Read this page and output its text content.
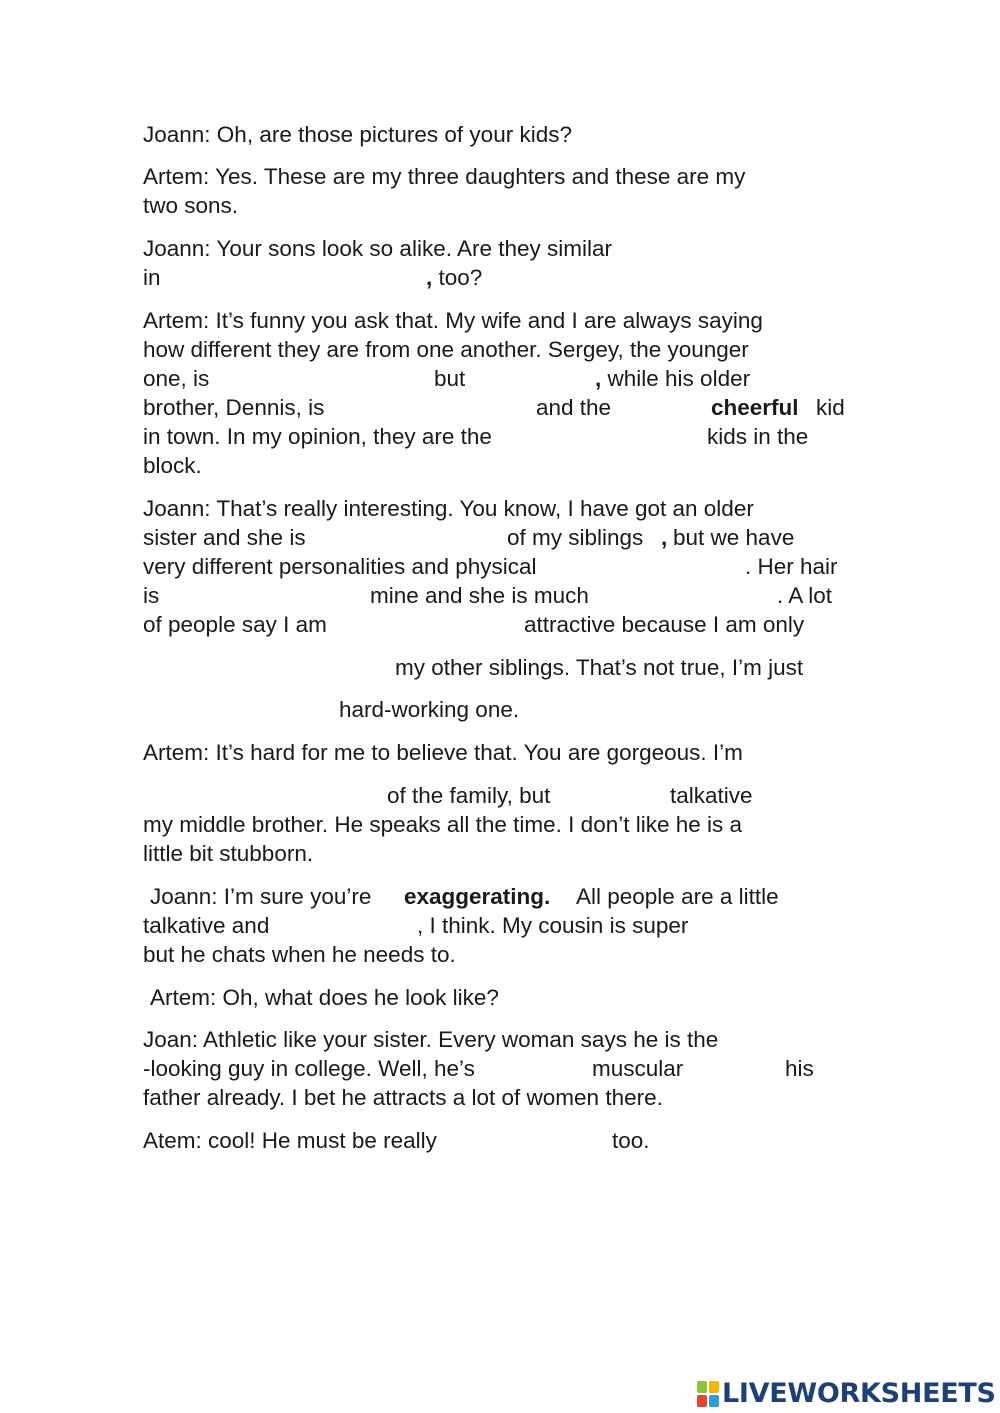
Joann: Oh, are those pictures of your kids?
Artem: Yes. These are my three daughters and these are my
two sons.
Joann: Your sons look so alike. Are they similar
in	, too?
Artem: It’s funny you ask that. My wife and I are always saying
how different they are from one another. Sergey, the younger
one, is	but	, while his older
brother, Dennis, is	and the	cheerful kid
in town. In my opinion, they are the	kids in the
block.
Joann: That’s really interesting. You know, I have got an older
sister and she is	of my siblings , but we have
very different personalities and physical	. Her hair
is	mine and she is much	. A lot
of people say I am	attractive because I am only
my other siblings. That’s not true, I’m just
hard-working one.
Artem: It’s hard for me to believe that. You are gorgeous. I’m
of the family, but	talkative
my middle brother. He speaks all the time. I don’t like he is a
little bit stubborn.
Joann: I’m sure you’re exaggerating. All people are a little
talkative and	, I think. My cousin is super
but he chats when he needs to.
Artem: Oh, what does he look like?
Joan: Athletic like your sister. Every woman says he is the
-looking guy in college. Well, he’s	muscular	his
father already. I bet he attracts a lot of women there.
Atem: cool! He must be really	too.
LIVEWORKSHEETS
